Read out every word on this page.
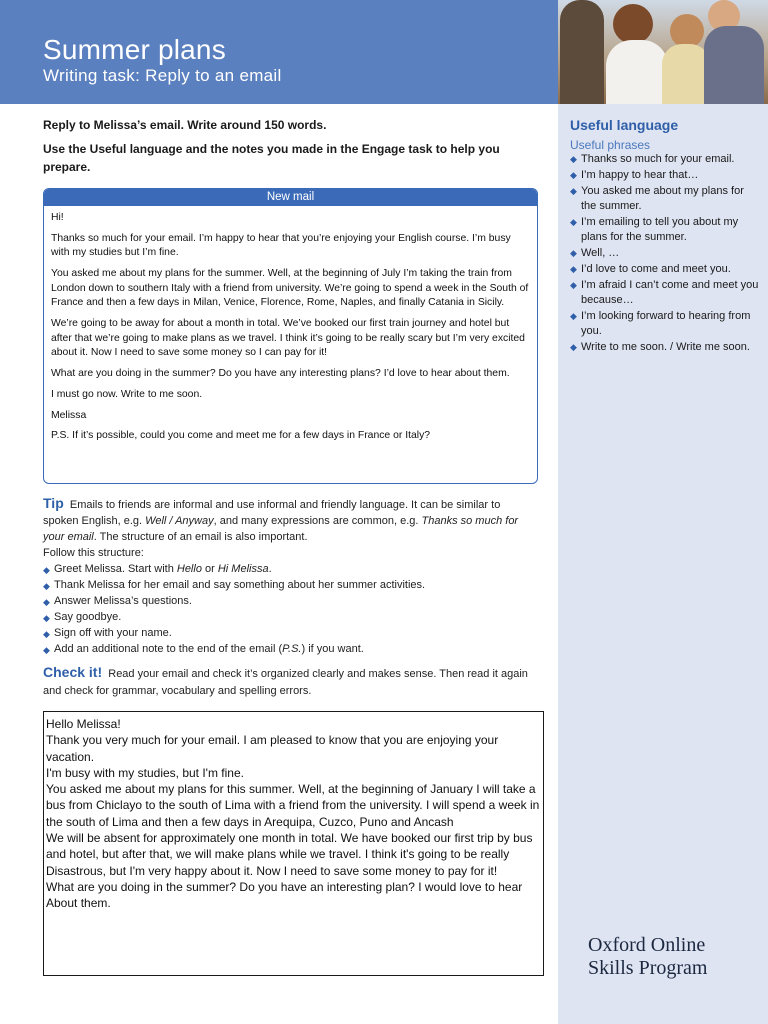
Summer plans
Writing task: Reply to an email
Reply to Melissa’s email. Write around 150 words.
Use the Useful language and the notes you made in the Engage task to help you prepare.
New mail

Hi!

Thanks so much for your email. I’m happy to hear that you’re enjoying your English course. I’m busy with my studies but I’m fine.

You asked me about my plans for the summer. Well, at the beginning of July I’m taking the train from London down to southern Italy with a friend from university. We’re going to spend a week in the South of France and then a few days in Milan, Venice, Florence, Rome, Naples, and finally Catania in Sicily.

We’re going to be away for about a month in total. We’ve booked our first train journey and hotel but after that we’re going to make plans as we travel. I think it’s going to be really scary but I’m very excited about it. Now I need to save some money so I can pay for it!

What are you doing in the summer? Do you have any interesting plans? I’d love to hear about them.

I must go now. Write to me soon.

Melissa

P.S. If it’s possible, could you come and meet me for a few days in France or Italy?

Tip Emails to friends are informal and use informal and friendly language. It can be similar to spoken English, e.g. Well / Anyway, and many expressions are common, e.g. Thanks so much for your email. The structure of an email is also important.
Follow this structure:
◆ Greet Melissa. Start with Hello or Hi Melissa.
◆ Thank Melissa for her email and say something about her summer activities.
◆ Answer Melissa’s questions.
◆ Say goodbye.
◆ Sign off with your name.
◆ Add an additional note to the end of the email (P.S.) if you want.
Check it! Read your email and check it’s organized clearly and makes sense. Then read it again and check for grammar, vocabulary and spelling errors.
Hello Melissa!
Thank you very much for your email. I am pleased to know that you are enjoying your vacation.
I'm busy with my studies, but I'm fine.
You asked me about my plans for this summer. Well, at the beginning of January I will take a bus from Chiclayo to the south of Lima with a friend from the university. I will spend a week in the south of Lima and then a few days in Arequipa, Cuzco, Puno and Ancash
We will be absent for approximately one month in total. We have booked our first trip by bus and hotel, but after that, we will make plans while we travel. I think it's going to be really
Disastrous, but I'm very happy about it. Now I need to save some money to pay for it!
What are you doing in the summer? Do you have an interesting plan? I would love to hear
About them.
Useful language
Useful phrases
◆ Thanks so much for your email.
◆ I’m happy to hear that…
◆ You asked me about my plans for the summer.
◆ I’m emailing to tell you about my plans for the summer.
◆ Well, …
◆ I’d love to come and meet you.
◆ I’m afraid I can’t come and meet you because…
◆ I’m looking forward to hearing from you.
◆ Write to me soon. / Write me soon.
Oxford Online
Skills Program
